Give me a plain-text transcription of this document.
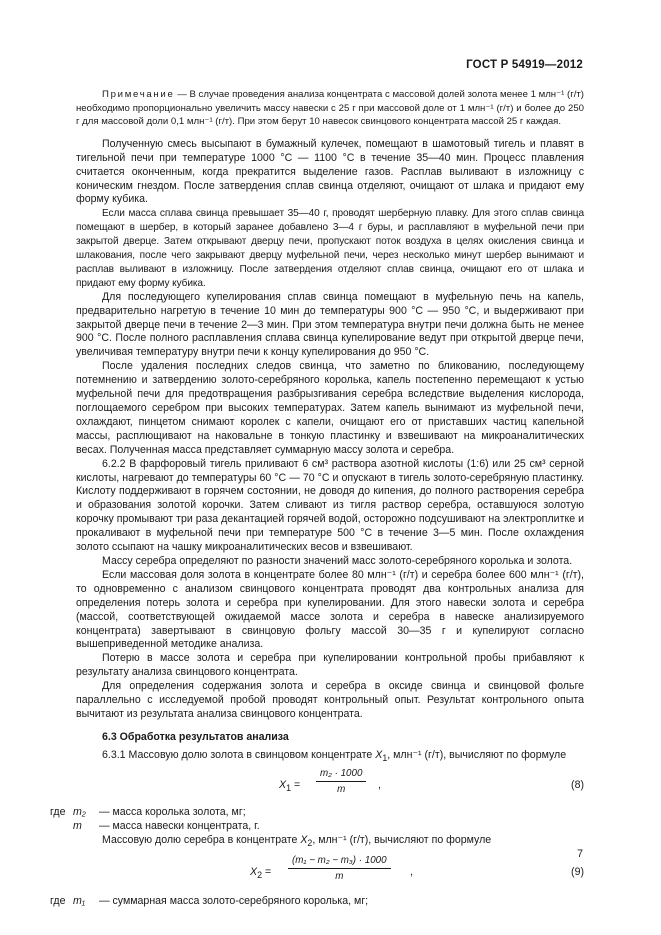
ГОСТ Р 54919—2012

Примечание — В случае проведения анализа концентрата с массовой долей золота менее 1 млн⁻¹ (г/т) необходимо пропорционально увеличить массу навески с 25 г при массовой доле от 1 млн⁻¹ (г/т) и более до 250 г для массовой доли 0,1 млн⁻¹ (г/т). При этом берут 10 навесок свинцового концентрата массой 25 г каждая.

Полученную смесь высыпают в бумажный кулечек, помещают в шамотовый тигель и плавят в тигельной печи при температуре 1000 °С — 1100 °С в течение 35—40 мин. Процесс плавления считается оконченным, когда прекратится выделение газов. Расплав выливают в изложницу с коническим гнездом. После затвердения сплав свинца отделяют, очищают от шлака и придают ему форму кубика.

Если масса сплава свинца превышает 35—40 г, проводят шерберную плавку. Для этого сплав свинца помещают в шербер, в который заранее добавлено 3—4 г буры, и расплавляют в муфельной печи при закрытой дверце. Затем открывают дверцу печи, пропускают поток воздуха в целях окисления свинца и шлакования, после чего закрывают дверцу муфельной печи, через несколько минут шербер вынимают и расплав выливают в изложницу. После затвердения отделяют сплав свинца, очищают его от шлака и придают ему форму кубика.

Для последующего купелирования сплав свинца помещают в муфельную печь на капель, предварительно нагретую в течение 10 мин до температуры 900 °С — 950 °С, и выдерживают при закрытой дверце печи в течение 2—3 мин. При этом температура внутри печи должна быть не менее 900 °С. После полного расплавления сплава свинца купелирование ведут при открытой дверце печи, увеличивая температуру внутри печи к концу купелирования до 950 °С.

После удаления последних следов свинца, что заметно по бликованию, последующему потемнению и затвердению золото-серебряного королька, капель постепенно перемещают к устью муфельной печи для предотвращения разбрызгивания серебра вследствие выделения кислорода, поглощаемого серебром при высоких температурах. Затем капель вынимают из муфельной печи, охлаждают, пинцетом снимают королек с капели, очищают его от приставших частиц капельной массы, расплющивают на наковальне в тонкую пластинку и взвешивают на микроаналитических весах. Полученная масса представляет суммарную массу золота и серебра.

6.2.2 В фарфоровый тигель приливают 6 см³ раствора азотной кислоты (1:6) или 25 см³ серной кислоты, нагревают до температуры 60 °С — 70 °С и опускают в тигель золото-серебряную пластинку. Кислоту поддерживают в горячем состоянии, не доводя до кипения, до полного растворения серебра и образования золотой корочки. Затем сливают из тигля раствор серебра, оставшуюся золотую корочку промывают три раза декантацией горячей водой, осторожно подсушивают на электроплитке и прокаливают в муфельной печи при температуре 500 °С в течение 3—5 мин. После охлаждения золото ссыпают на чашку микроаналитических весов и взвешивают.

Массу серебра определяют по разности значений масс золото-серебряного королька и золота.

Если массовая доля золота в концентрате более 80 млн⁻¹ (г/т) и серебра более 600 млн⁻¹ (г/т), то одновременно с анализом свинцового концентрата проводят два контрольных анализа для определения потерь золота и серебра при купелировании. Для этого навески золота и серебра (массой, соответствующей ожидаемой массе золота и серебра в навеске анализируемого концентрата) завертывают в свинцовую фольгу массой 30—35 г и купелируют согласно вышеприведенной методике анализа.

Потерю в массе золота и серебра при купелировании контрольной пробы прибавляют к результату анализа свинцового концентрата.

Для определения содержания золота и серебра в оксиде свинца и свинцовой фольге параллельно с исследуемой пробой проводят контрольный опыт. Результат контрольного опыта вычитают из результата анализа свинцового концентрата.

6.3 Обработка результатов анализа

6.3.1 Массовую долю золота в свинцовом концентрате $X_1$, млн⁻¹ (г/т), вычисляют по формуле

$X_1 = \frac{\text{m₂ · 1000}}{m}$ ,	(8)

где m₂ — масса королька золота, мг;

m — масса навески концентрата, г.

Массовую долю серебра в концентрате $X_2$, млн⁻¹ (г/т), вычисляют по формуле

$X_2 = \frac{\text{(m₁ − m₂ − m₃) · 1000}}{m}$ ,	(9)

где m₁ — суммарная масса золото-серебряного королька, мг;

7
